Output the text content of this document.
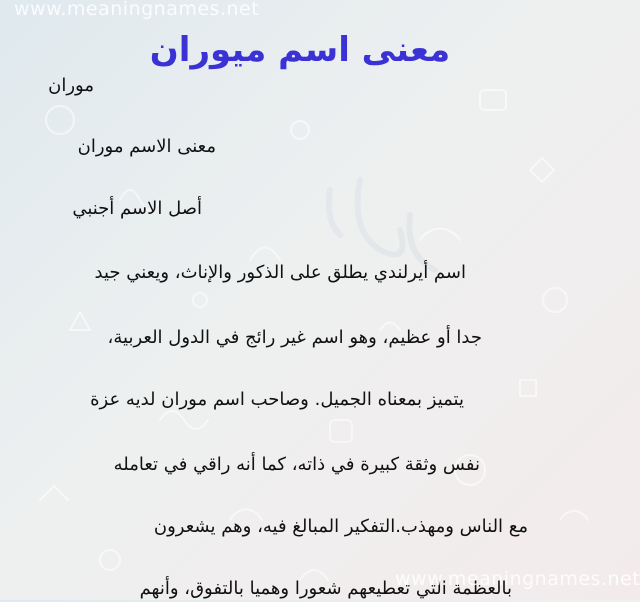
www.meaningnames.net
معنى اسم ميوران
موران
معنى الاسم موران
أصل الاسم أجنبي
اسم أيرلندي يطلق على الذكور والإناث، ويعني جيد
جدا أو عظيم، وهو اسم غير رائج في الدول العربية،
يتميز بمعناه الجميل. وصاحب اسم موران لديه عزة
نفس وثقة كبيرة في ذاته، كما أنه راقي في تعامله
مع الناس ومهذب.التفكير المبالغ فيه، وهم يشعرون
بالعظمة التي تعطيعهم شعورا وهميا بالتفوق، وأنهم
www.meaningnames.net
